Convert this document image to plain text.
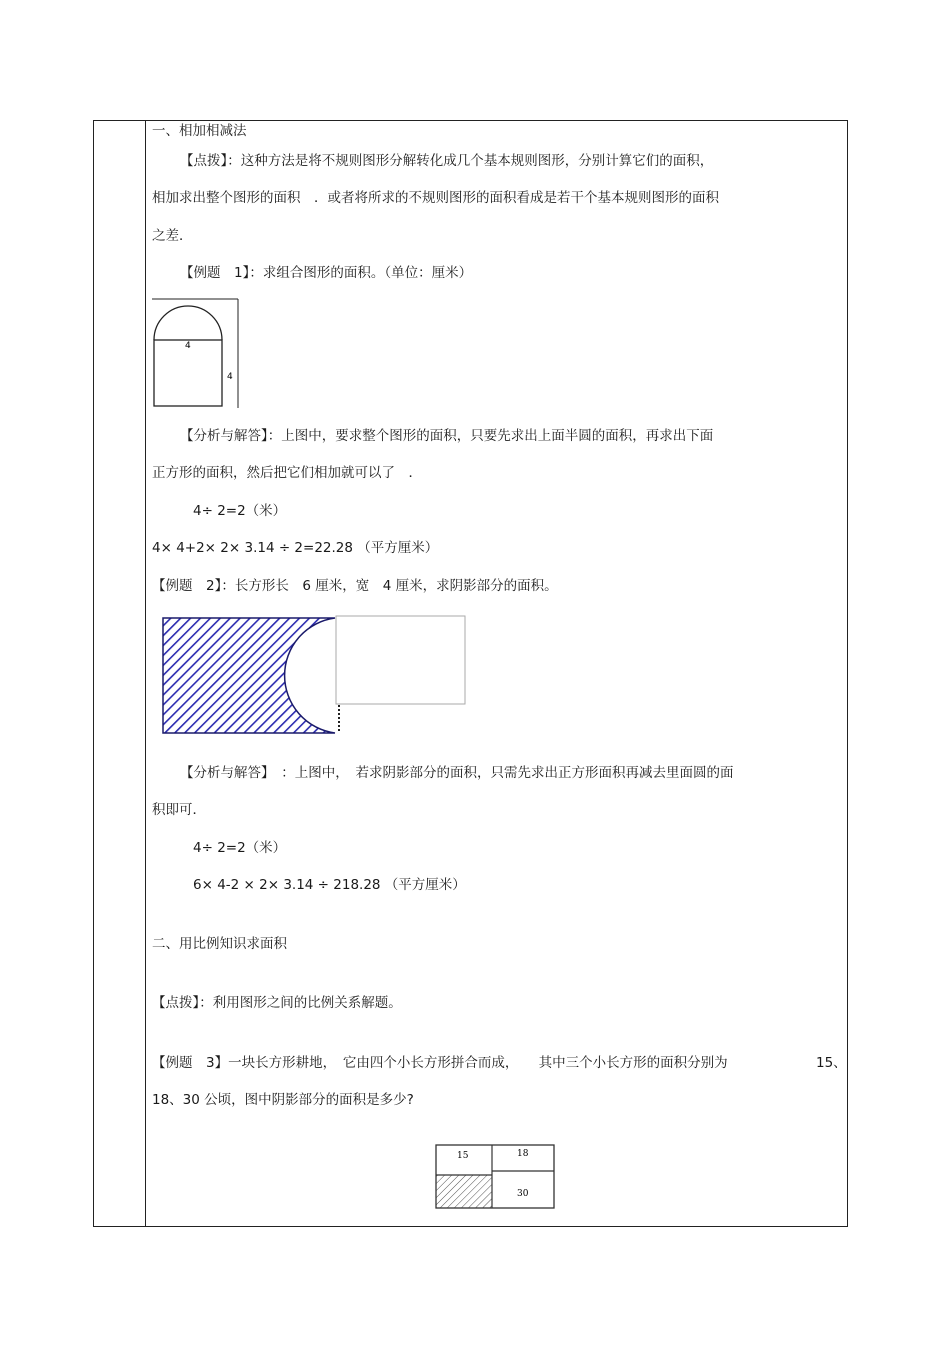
一、相加相减法
【点拨】：这种方法是将不规则图形分解转化成几个基本规则图形，分别计算它们的面积，
相加求出整个图形的面积　．或者将所求的不规则图形的面积看成是若干个基本规则图形的面积
之差．
【例题　1】：求组合图形的面积。（单位：厘米）
4
4
【分析与解答】：上图中，要求整个图形的面积，只要先求出上面半圆的面积，再求出下面
正方形的面积，然后把它们相加就可以了　．
4÷ 2=2（米）
4× 4+2× 2× 3.14 ÷ 2=22.28 （平方厘米）
【例题　2】：长方形长　6 厘米，宽　4 厘米，求阴影部分的面积。
【分析与解答】　：上图中，　若求阴影部分的面积，只需先求出正方形面积再减去里面圆的面
积即可．
4÷ 2=2（米）
6× 4-2 × 2× 3.14 ÷ 218.28 （平方厘米）
二、用比例知识求面积
【点拨】：利用图形之间的比例关系解题。
【例题　3】一块长方形耕地，　它由四个小长方形拼合而成，　　其中三个小长方形的面积分别为	15、
18、30 公顷，图中阴影部分的面积是多少?
15	18
30
